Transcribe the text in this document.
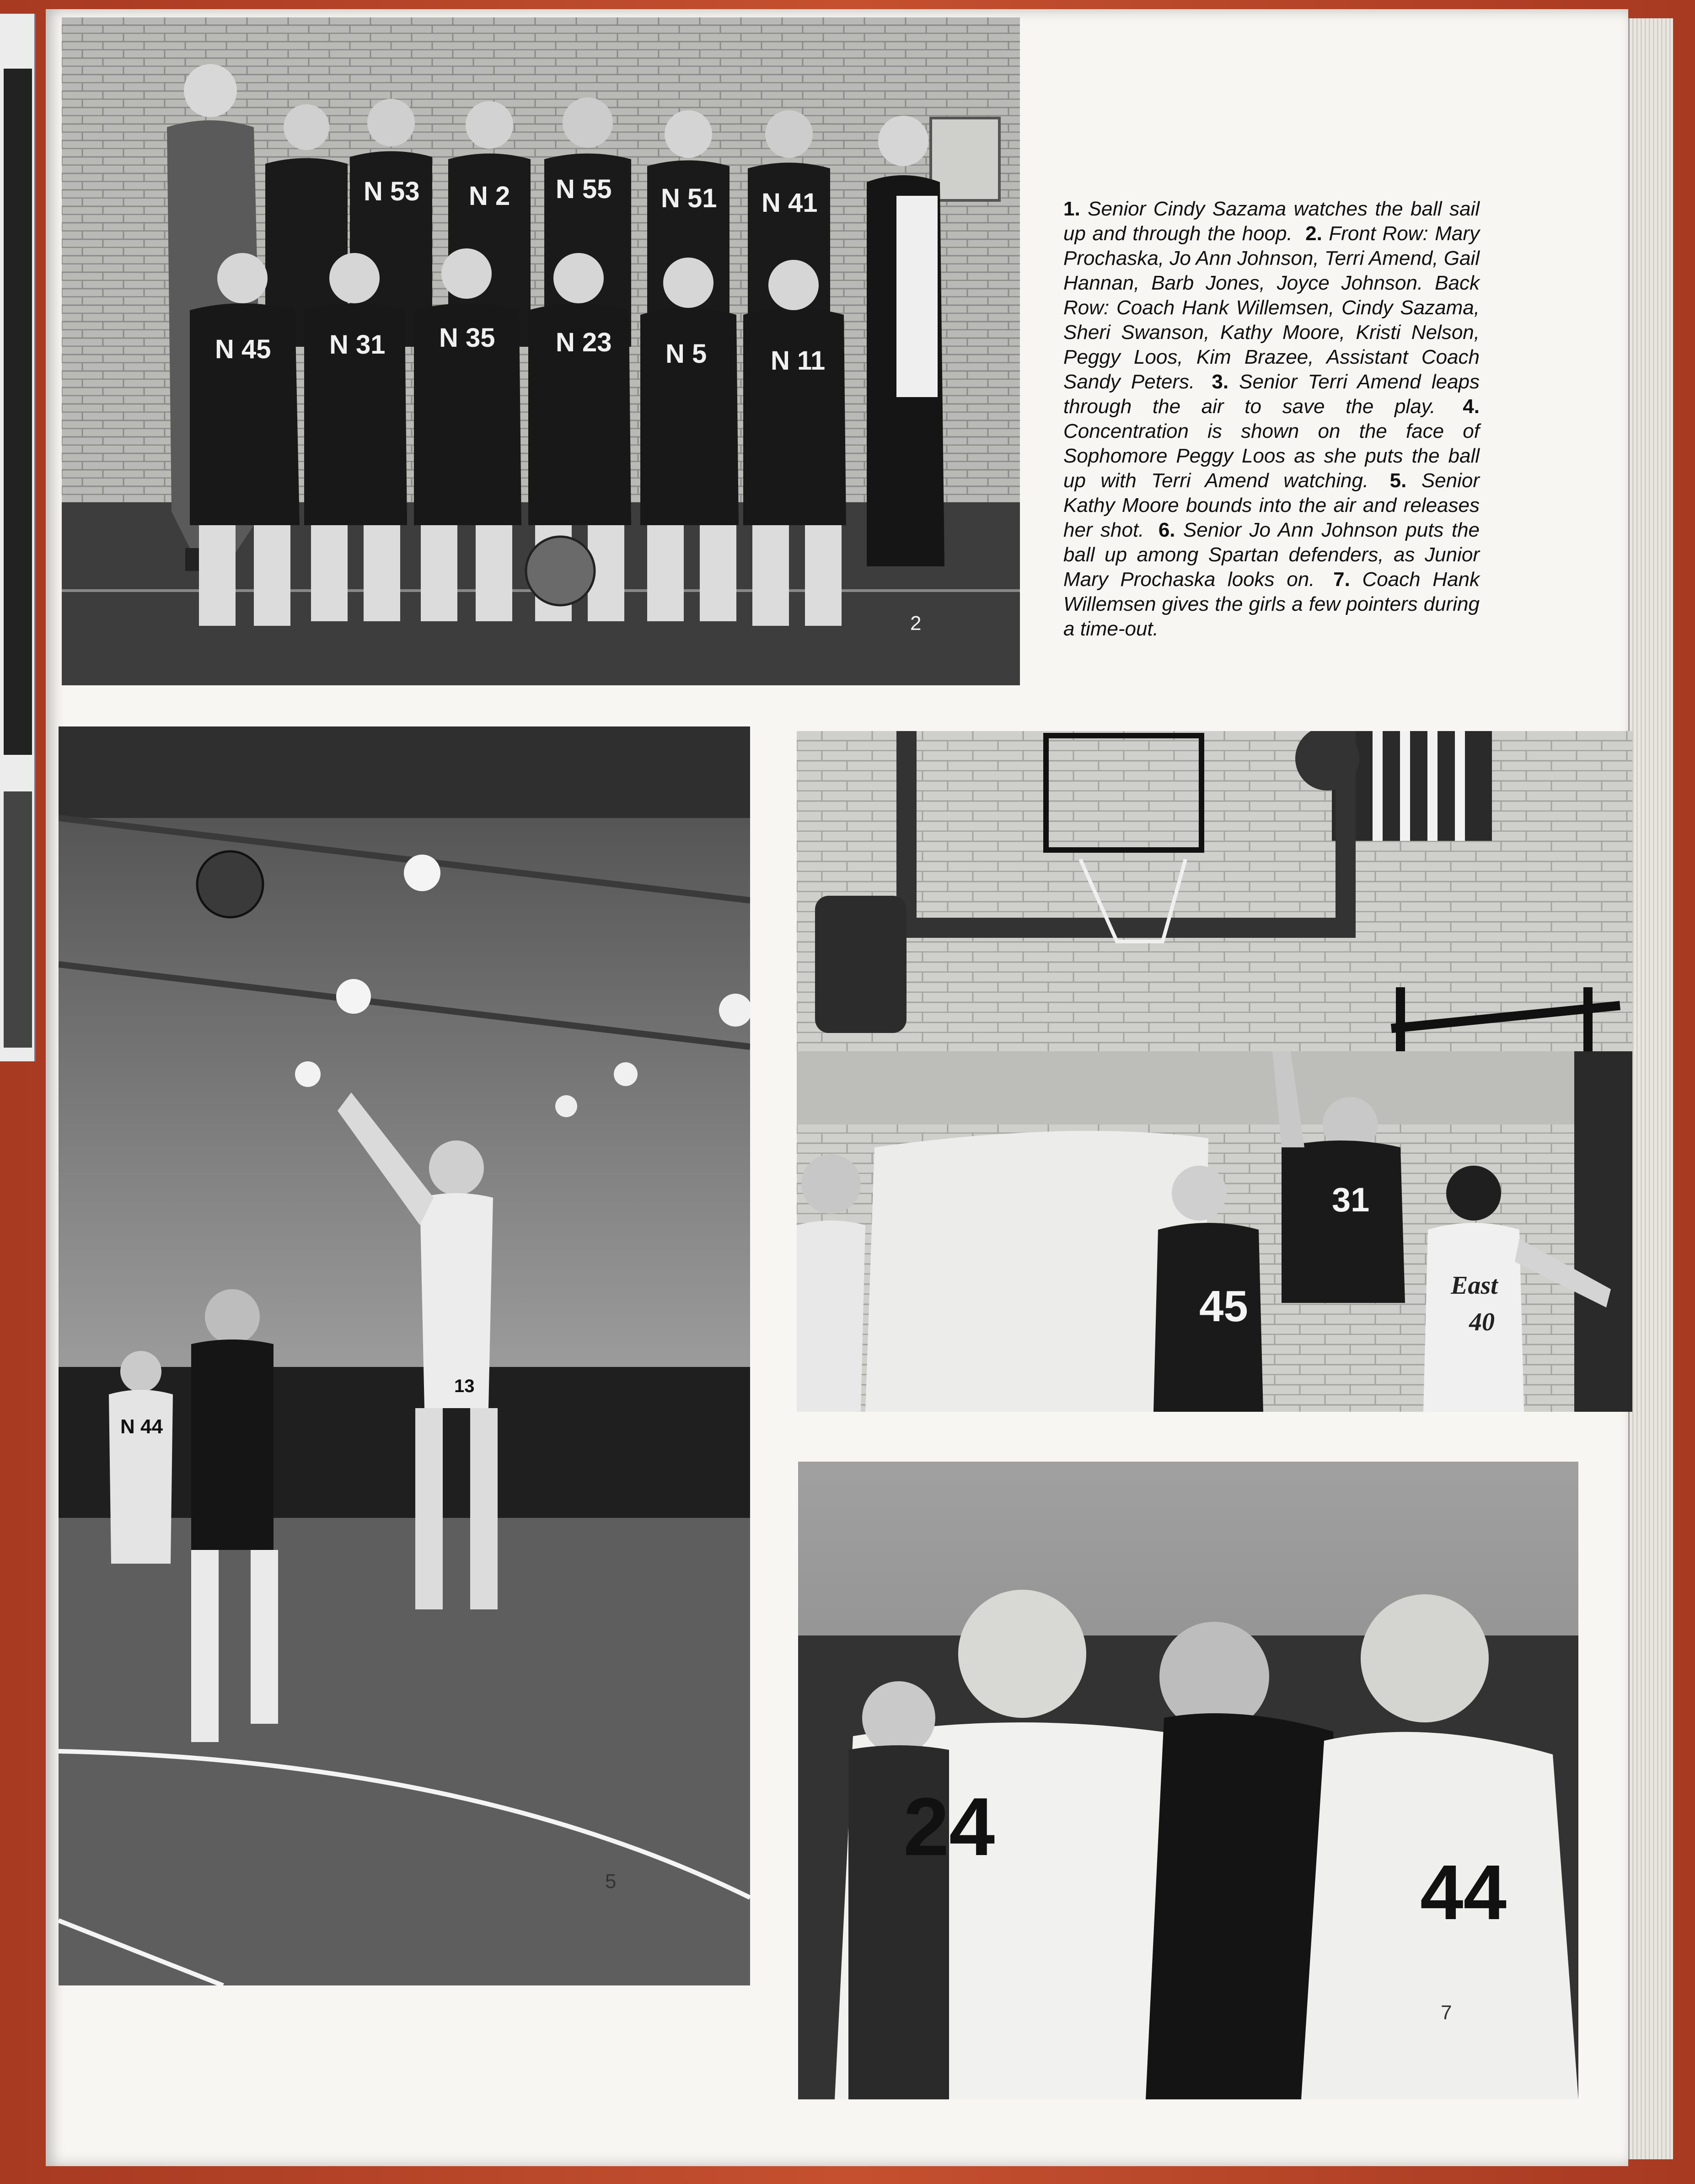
N 53 N 2 N 55 N 51 N 41
N 45 N 31 N 35 N 23 N 5 N 11
2
1. Senior Cindy Sazama watches the ball sail up and through the hoop. 2. Front Row: Mary Prochaska, Jo Ann Johnson, Terri Amend, Gail Hannan, Barb Jones, Joyce Johnson. Back Row: Coach Hank Willemsen, Cindy Sazama, Sheri Swanson, Kathy Moore, Kristi Nelson, Peggy Loos, Kim Brazee, Assistant Coach Sandy Peters. 3. Senior Terri Amend leaps through the air to save the play. 4. Concentration is shown on the face of Sophomore Peggy Loos as she puts the ball up with Terri Amend watching. 5. Senior Kathy Moore bounds into the air and releases her shot. 6. Senior Jo Ann Johnson puts the ball up among Spartan defenders, as Junior Mary Prochaska looks on. 7. Coach Hank Willemsen gives the girls a few pointers during a time-out.
13
N 44
5
31
45	East
40
24
44
7
